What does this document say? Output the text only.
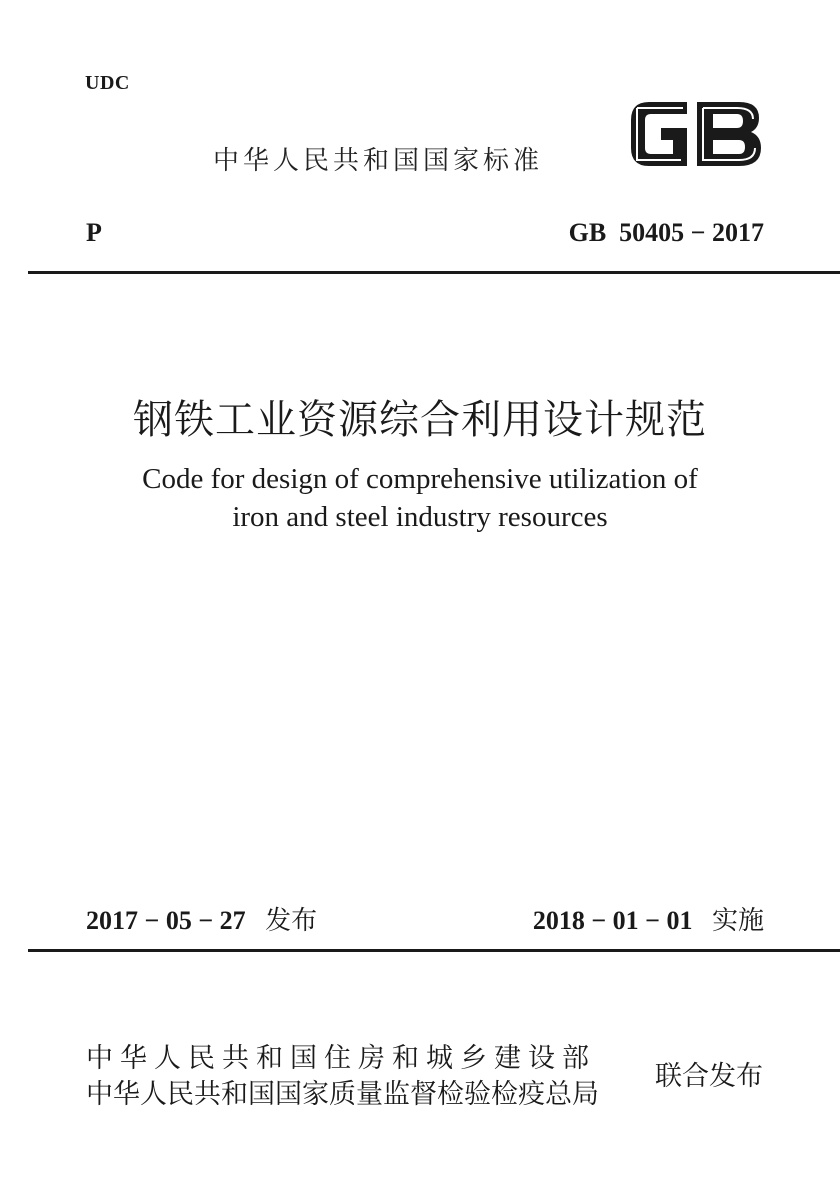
UDC
中华人民共和国国家标准
P	GB  50405 − 2017
钢铁工业资源综合利用设计规范
Code for design of comprehensive utilization of
iron and steel industry resources
2017 − 05 − 27 发布	2018 − 01 − 01 实施
中华人民共和国住房和城乡建设部
中华人民共和国国家质量监督检验检疫总局
联合发布
